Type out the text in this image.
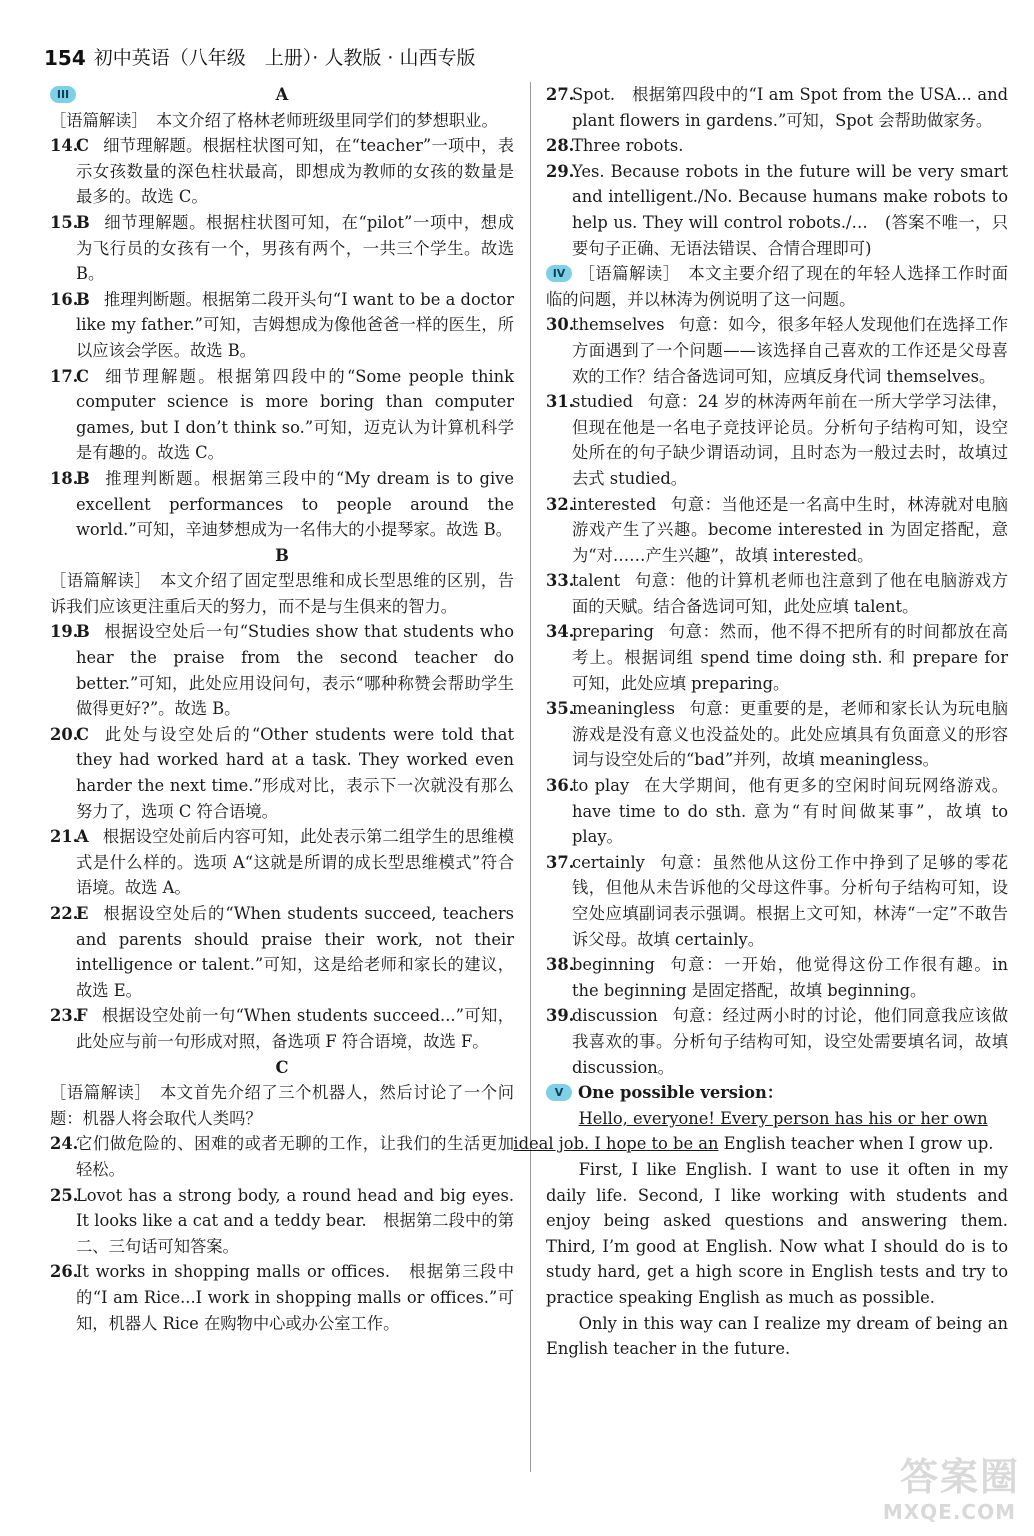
154 初中英语（八年级　上册）· 人教版 · 山西专版
III	A

［语篇解读］　本文介绍了格林老师班级里同学们的梦想职业。

14.
C 细节理解题。根据柱状图可知，在“teacher”一项中，表示女孩数量的深色柱状最高，即想成为教师的女孩的数量是最多的。故选 C。
15.
B 细节理解题。根据柱状图可知，在“pilot”一项中，想成为飞行员的女孩有一个，男孩有两个，一共三个学生。故选 B。
16.
B 推理判断题。根据第二段开头句“I want to be a doctor like my father.”可知，吉姆想成为像他爸爸一样的医生，所以应该会学医。故选 B。
17.
C 细节理解题。根据第四段中的“Some people think computer science is more boring than computer games, but I don’t think so.”可知，迈克认为计算机科学是有趣的。故选 C。
18.
B 推理判断题。根据第三段中的“My dream is to give excellent performances to people around the world.”可知，辛迪梦想成为一名伟大的小提琴家。故选 B。
B

［语篇解读］　本文介绍了固定型思维和成长型思维的区别，告诉我们应该更注重后天的努力，而不是与生俱来的智力。

19.
B 根据设空处后一句“Studies show that students who hear the praise from the second teacher do better.”可知，此处应用设问句，表示“哪种称赞会帮助学生做得更好?”。故选 B。
20.
C 此处与设空处后的“Other students were told that they had worked hard at a task. They worked even harder the next time.”形成对比，表示下一次就没有那么努力了，选项 C 符合语境。
21.
A 根据设空处前后内容可知，此处表示第二组学生的思维模式是什么样的。选项 A“这就是所谓的成长型思维模式”符合语境。故选 A。
22.
E 根据设空处后的“When students succeed, teachers and parents should praise their work, not their intelligence or talent.”可知，这是给老师和家长的建议，故选 E。
23.
F 根据设空处前一句“When students succeed...”可知，此处应与前一句形成对照，备选项 F 符合语境，故选 F。
C

［语篇解读］　本文首先介绍了三个机器人，然后讨论了一个问题：机器人将会取代人类吗？

24.
它们做危险的、困难的或者无聊的工作，让我们的生活更加轻松。
25.
Lovot has a strong body, a round head and big eyes. It looks like a cat and a teddy bear.　根据第二段中的第二、三句话可知答案。
26.
It works in shopping malls or offices.　根据第三段中的“I am Rice...I work in shopping malls or offices.”可知，机器人 Rice 在购物中心或办公室工作。
27.
Spot.　根据第四段中的“I am Spot from the USA... and plant flowers in gardens.”可知，Spot 会帮助做家务。
28.
Three robots.
29.
Yes. Because robots in the future will be very smart and intelligent./No. Because humans make robots to help us. They will control robots./…　(答案不唯一，只要句子正确、无语法错误、合情合理即可)

IV ［语篇解读］　本文主要介绍了现在的年轻人选择工作时面临的问题，并以林涛为例说明了这一问题。

30.
themselves 句意：如今，很多年轻人发现他们在选择工作方面遇到了一个问题——该选择自己喜欢的工作还是父母喜欢的工作？结合备选词可知，应填反身代词 themselves。
31.
studied 句意：24 岁的林涛两年前在一所大学学习法律，但现在他是一名电子竞技评论员。分析句子结构可知，设空处所在的句子缺少谓语动词，且时态为一般过去时，故填过去式 studied。
32.
interested 句意：当他还是一名高中生时，林涛就对电脑游戏产生了兴趣。become interested in 为固定搭配，意为“对……产生兴趣”，故填 interested。
33.
talent 句意：他的计算机老师也注意到了他在电脑游戏方面的天赋。结合备选词可知，此处应填 talent。
34.
preparing 句意：然而，他不得不把所有的时间都放在高考上。根据词组 spend time doing sth. 和 prepare for 可知，此处应填 preparing。
35.
meaningless 句意：更重要的是，老师和家长认为玩电脑游戏是没有意义也没益处的。此处应填具有负面意义的形容词与设空处后的“bad”并列，故填 meaningless。
36.
to play 在大学期间，他有更多的空闲时间玩网络游戏。have time to do sth. 意为“有时间做某事”，故填 to play。
37.
certainly 句意：虽然他从这份工作中挣到了足够的零花钱，但他从未告诉他的父母这件事。分析句子结构可知，设空处应填副词表示强调。根据上文可知，林涛“一定”不敢告诉父母。故填 certainly。
38.
beginning 句意：一开始，他觉得这份工作很有趣。in the beginning 是固定搭配，故填 beginning。
39.
discussion 句意：经过两小时的讨论，他们同意我应该做我喜欢的事。分析句子结构可知，设空处需要填名词，故填 discussion。

V One possible version：

Hello, everyone! Every person has his or her own
ideal job. I hope to be an English teacher when I grow up.

First, I like English. I want to use it often in my daily life. Second, I like working with students and enjoy being asked questions and answering them. Third, I’m good at English. Now what I should do is to study hard, get a high score in English tests and try to practice speaking English as much as possible.

Only in this way can I realize my dream of being an English teacher in the future.

答案圈
MXQE.COM
